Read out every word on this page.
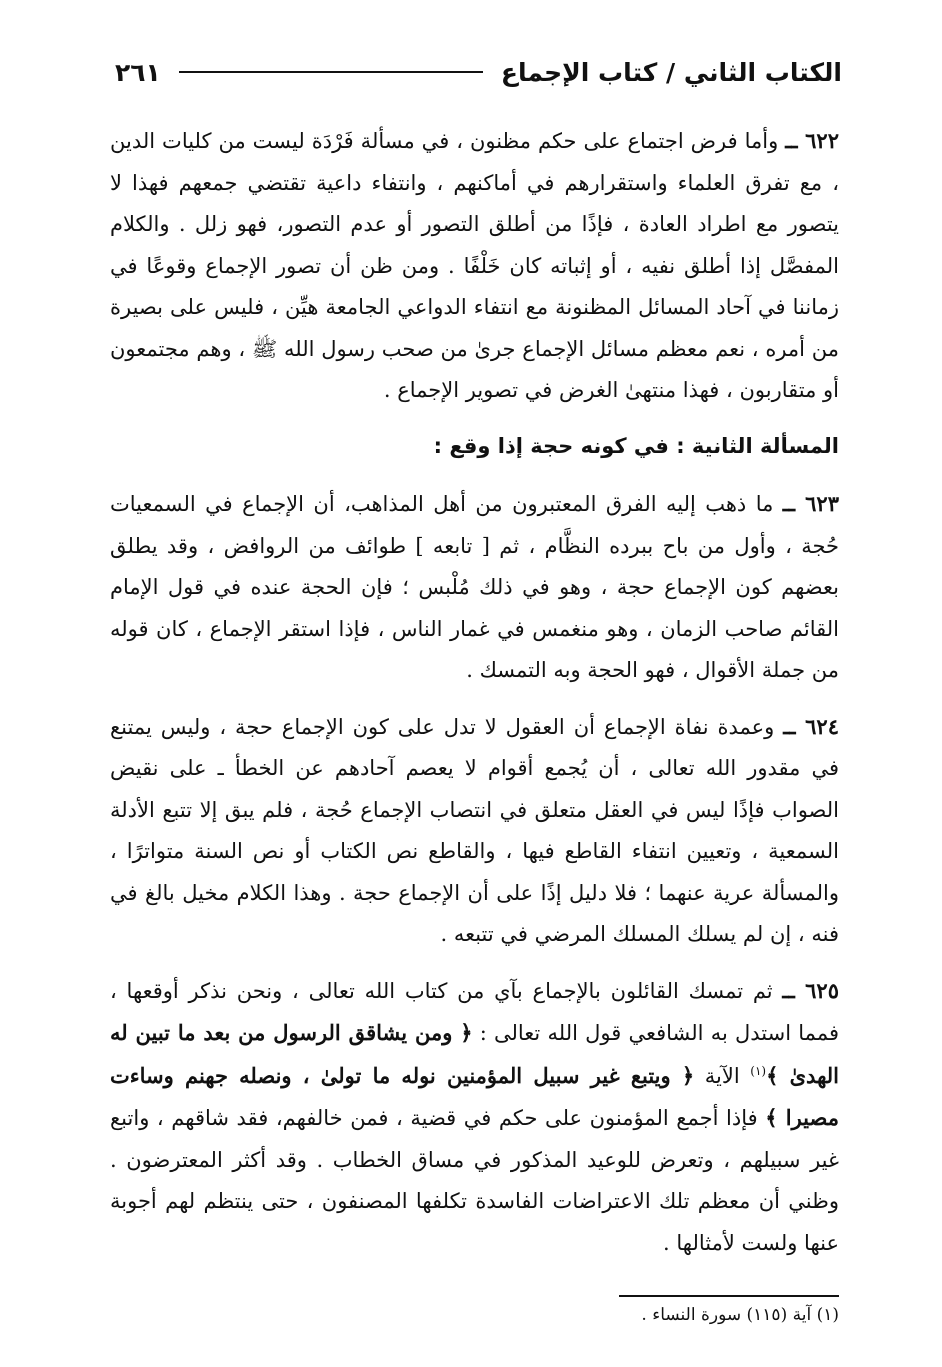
الكتاب الثاني / كتاب الإجماع
٢٦١

٦٢٢ ــ وأما فرض اجتماع على حكم مظنون ، في مسألة فَرْدَة ليست من كليات الدين ، مع تفرق العلماء واستقرارهم في أماكنهم ، وانتفاء داعية تقتضي جمعهم فهذا لا يتصور مع اطراد العادة ، فإذًا من أطلق التصور أو عدم التصور، فهو زلل . والكلام المفصَّل إذا أطلق نفيه ، أو إثباته كان خَلْفًا . ومن ظن أن تصور الإجماع وقوعًا في زماننا في آحاد المسائل المظنونة مع انتفاء الدواعي الجامعة هيِّن ، فليس على بصيرة من أمره ، نعم معظم مسائل الإجماع جرىٰ من صحب رسول الله ﷺ ، وهم مجتمعون أو متقاربون ، فهذا منتهىٰ الغرض في تصوير الإجماع .

المسألة الثانية : في كونه حجة إذا وقع :

٦٢٣ ــ ما ذهب إليه الفرق المعتبرون من أهل المذاهب، أن الإجماع في السمعيات حُجة ، وأول من باح ببرده النظَّام ، ثم [ تابعه ] طوائف من الروافض ، وقد يطلق بعضهم كون الإجماع حجة ، وهو في ذلك مُلْبس ؛ فإن الحجة عنده في قول الإمام القائم صاحب الزمان ، وهو منغمس في غمار الناس ، فإذا استقر الإجماع ، كان قوله من جملة الأقوال ، فهو الحجة وبه التمسك .

٦٢٤ ــ وعمدة نفاة الإجماع أن العقول لا تدل على كون الإجماع حجة ، وليس يمتنع في مقدور الله تعالى ، أن يُجمع أقوام لا يعصم آحادهم عن الخطأ ـ على نقيض الصواب فإذًا ليس في العقل متعلق في انتصاب الإجماع حُجة ، فلم يبق إلا تتبع الأدلة السمعية ، وتعيين انتفاء القاطع فيها ، والقاطع نص الكتاب أو نص السنة متواترًا ، والمسألة عرية عنهما ؛ فلا دليل إذًا على أن الإجماع حجة . وهذا الكلام مخيل بالغ في فنه ، إن لم يسلك المسلك المرضي في تتبعه .

٦٢٥ ــ ثم تمسك القائلون بالإجماع بآي من كتاب الله تعالى ، ونحن نذكر أوقعها ، فمما استدل به الشافعي قول الله تعالى : ﴿ ومن يشاقق الرسول من بعد ما تبين له الهدىٰ ﴾$^{(١)}$ الآية ﴿ ويتبع غير سبيل المؤمنين نوله ما تولىٰ ، ونصله جهنم وساءت مصيرا ﴾ فإذا أجمع المؤمنون على حكم في قضية ، فمن خالفهم، فقد شاقهم ، واتبع غير سبيلهم ، وتعرض للوعيد المذكور في مساق الخطاب . وقد أكثر المعترضون . وظني أن معظم تلك الاعتراضات الفاسدة تكلفها المصنفون ، حتى ينتظم لهم أجوبة عنها ولست لأمثالها .

(١) آية (١١٥) سورة النساء .
